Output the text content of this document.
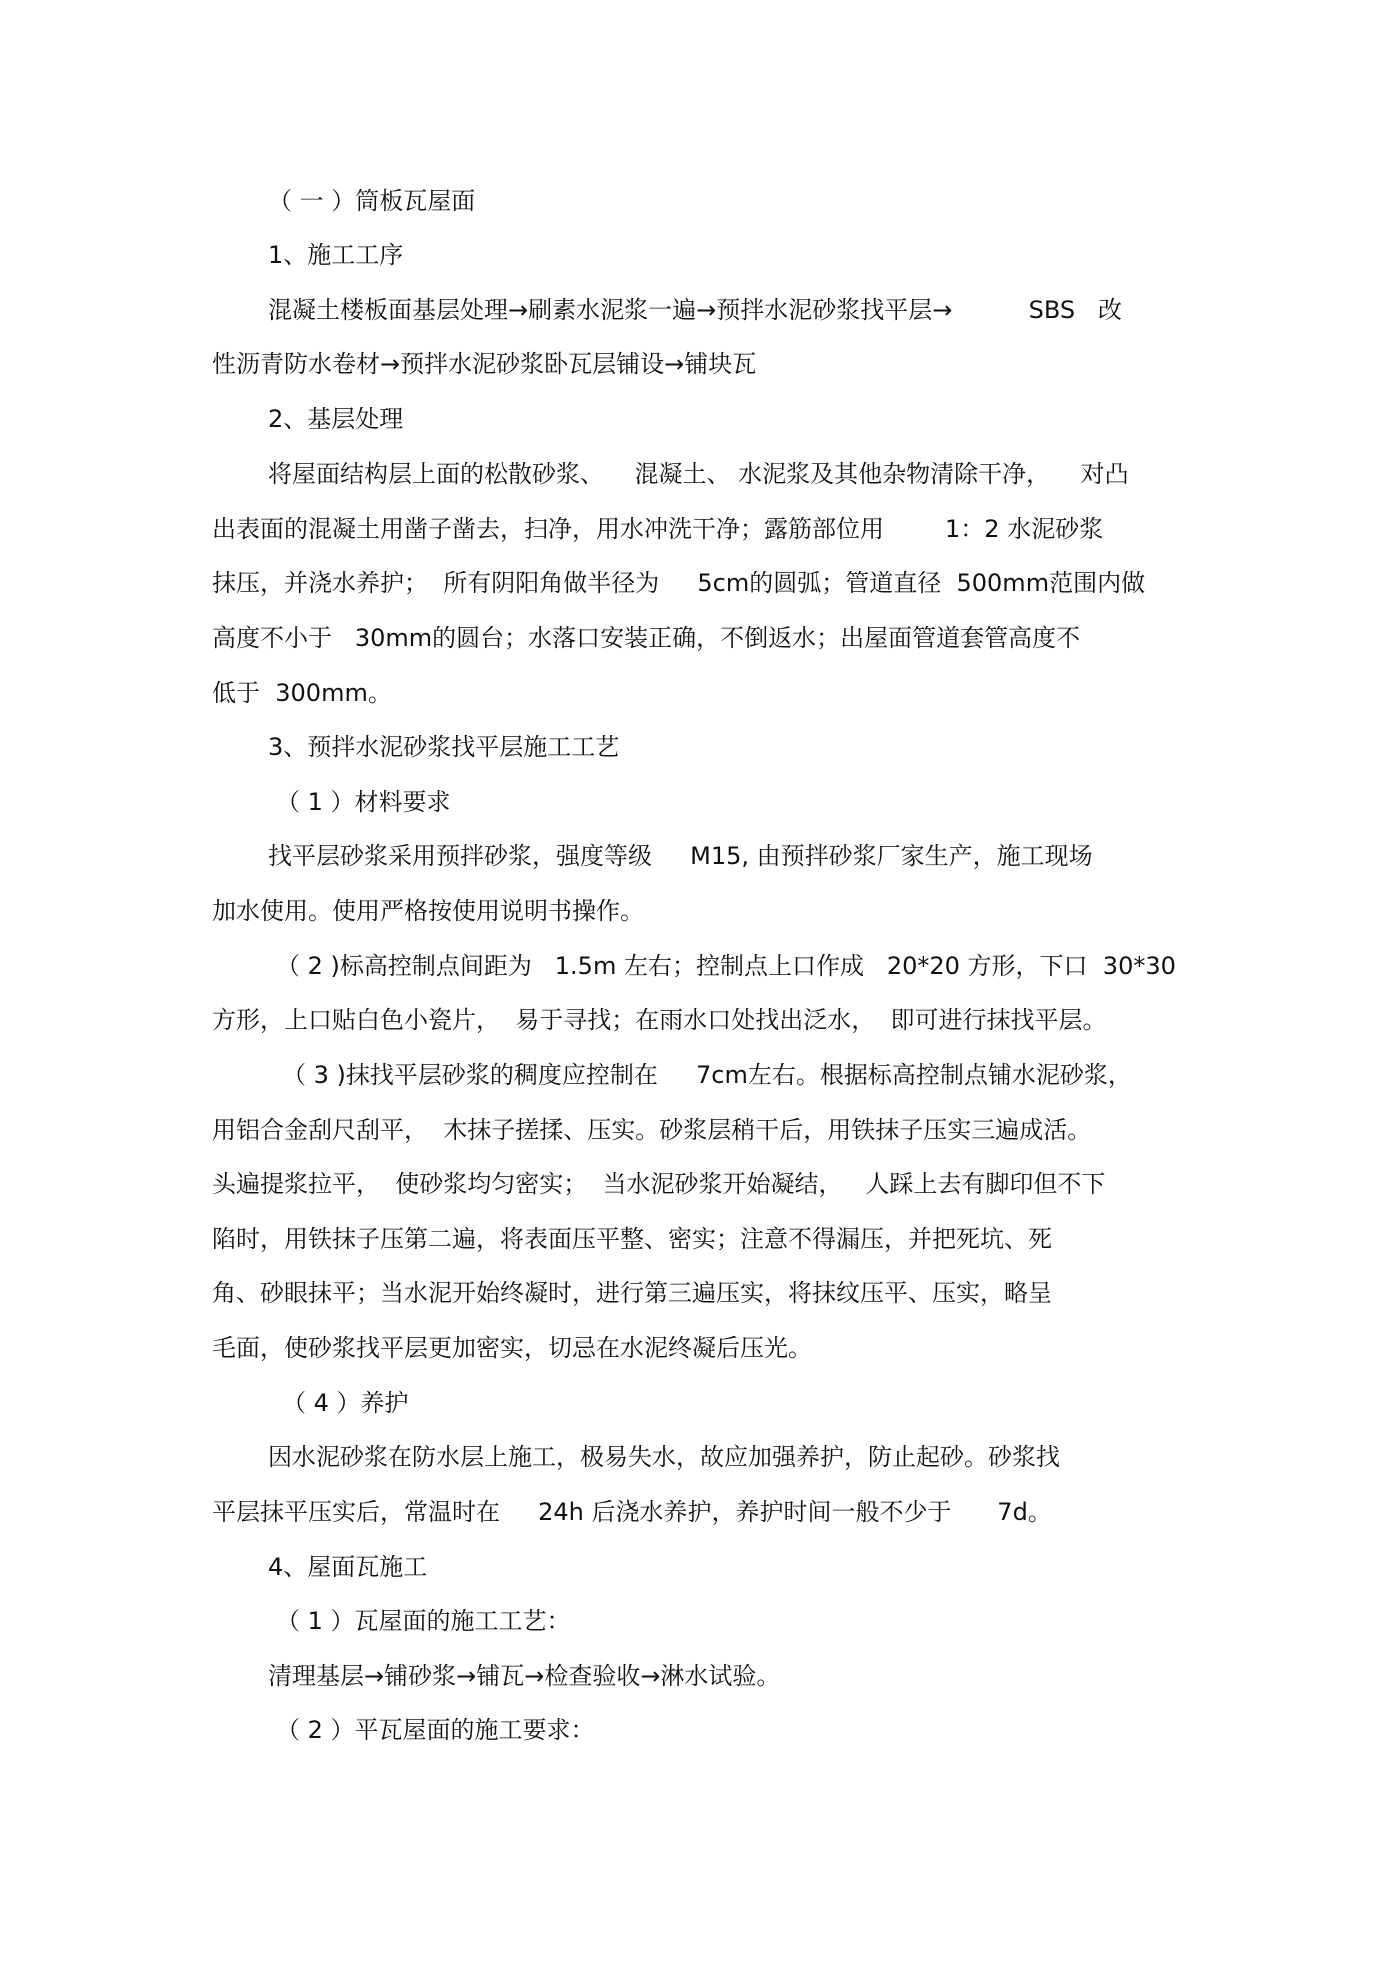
（ 一 ）筒板瓦屋面

1、施工工序

混凝土楼板面基层处理→刷素水泥浆一遍→预拌水泥砂浆找平层→          SBS   改

性沥青防水卷材→预拌水泥砂浆卧瓦层铺设→铺块瓦

2、基层处理

将屋面结构层上面的松散砂浆、    混凝土、 水泥浆及其他杂物清除干净，    对凸

出表面的混凝土用凿子凿去，扫净，用水冲洗干净；露筋部位用        1：2 水泥砂浆

抹压，并浇水养护；  所有阴阳角做半径为     5cm的圆弧；管道直径  500mm范围内做

高度不小于   30mm的圆台；水落口安装正确，不倒返水；出屋面管道套管高度不

低于  300mm。

3、预拌水泥砂浆找平层施工工艺

（ 1 ）材料要求

找平层砂浆采用预拌砂浆，强度等级     M15, 由预拌砂浆厂家生产，施工现场

加水使用。使用严格按使用说明书操作。

（ 2 )标高控制点间距为   1.5m 左右；控制点上口作成   20*20 方形，下口  30*30

方形，上口贴白色小瓷片，  易于寻找；在雨水口处找出泛水，  即可进行抹找平层。

（ 3 )抹找平层砂浆的稠度应控制在     7cm左右。根据标高控制点铺水泥砂浆，

用铝合金刮尺刮平，  木抹子搓揉、压实。砂浆层稍干后，用铁抹子压实三遍成活。

头遍提浆拉平，  使砂浆均匀密实；  当水泥砂浆开始凝结，   人踩上去有脚印但不下

陷时，用铁抹子压第二遍，将表面压平整、密实；注意不得漏压，并把死坑、死

角、砂眼抹平；当水泥开始终凝时，进行第三遍压实，将抹纹压平、压实，略呈

毛面，使砂浆找平层更加密实，切忌在水泥终凝后压光。

（ 4 ）养护

因水泥砂浆在防水层上施工，极易失水，故应加强养护，防止起砂。砂浆找

平层抹平压实后，常温时在     24h 后浇水养护，养护时间一般不少于      7d。

4、屋面瓦施工

（ 1 ）瓦屋面的施工工艺：

清理基层→铺砂浆→铺瓦→检查验收→淋水试验。

（ 2 ）平瓦屋面的施工要求：
